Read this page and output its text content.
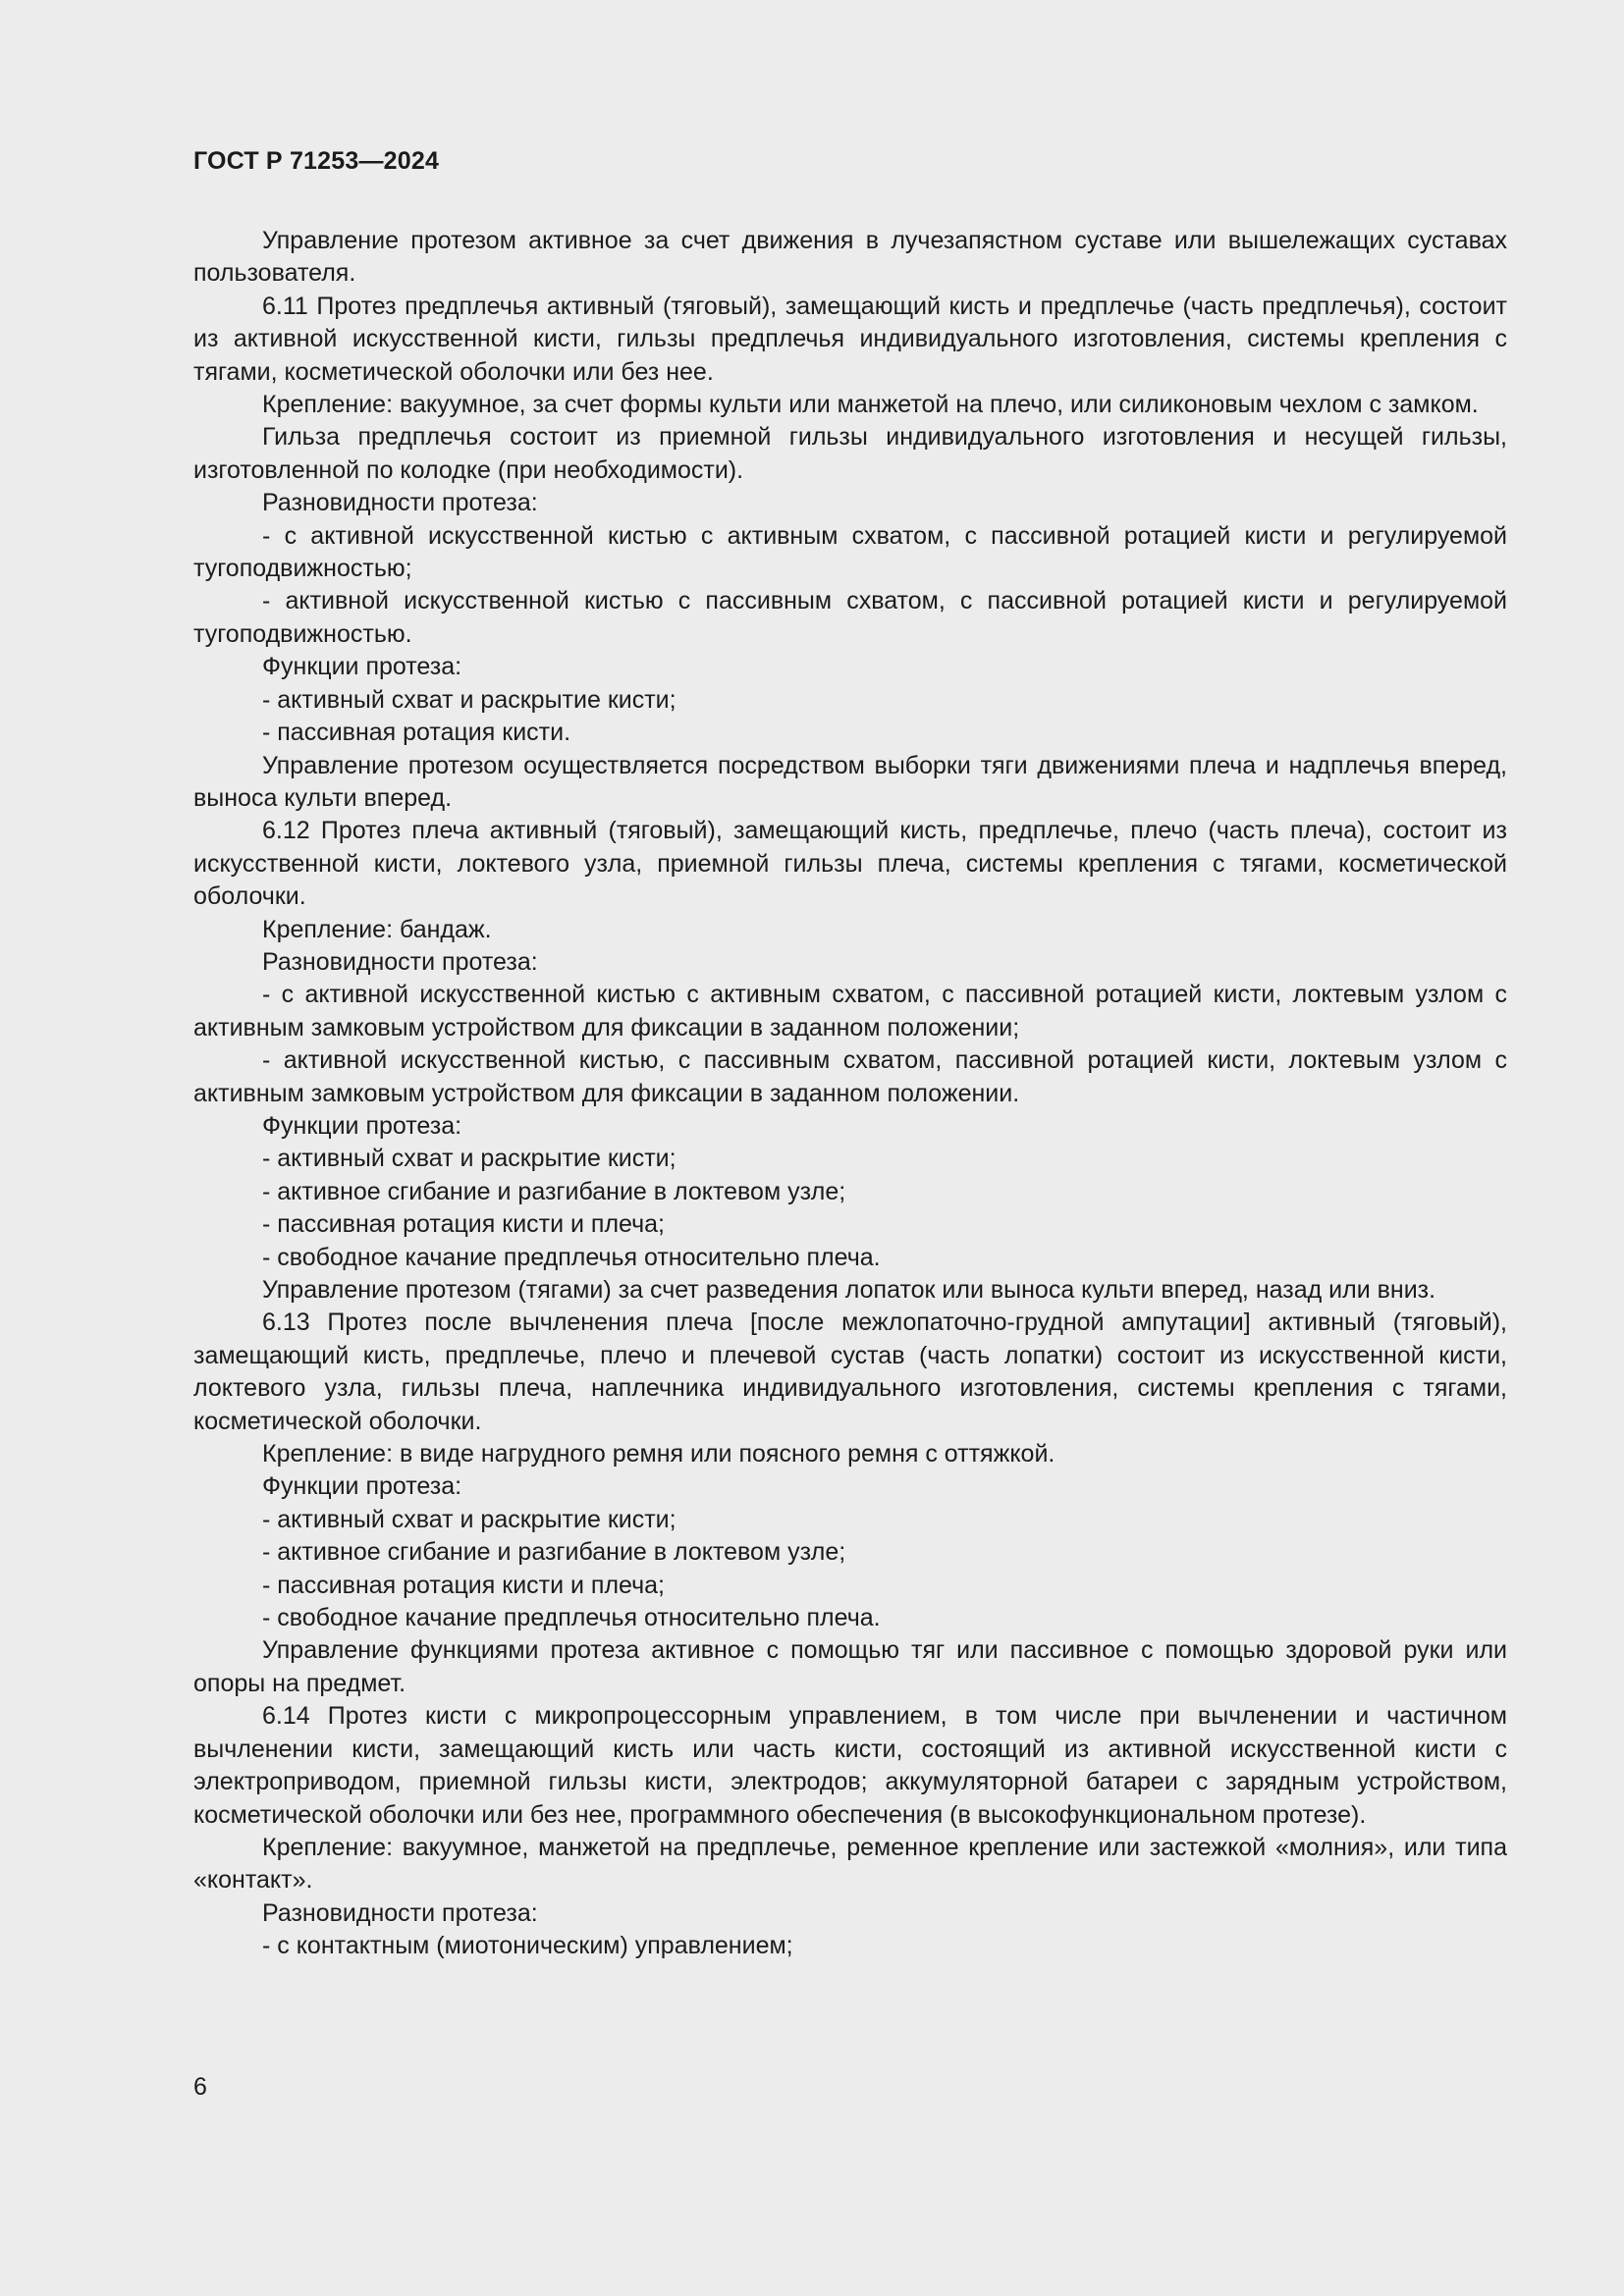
ГОСТ Р 71253—2024

Управление протезом активное за счет движения в лучезапястном суставе или вышележащих суставах пользователя.

6.11 Протез предплечья активный (тяговый), замещающий кисть и предплечье (часть предплечья), состоит из активной искусственной кисти, гильзы предплечья индивидуального изготовления, системы крепления с тягами, косметической оболочки или без нее.

Крепление: вакуумное, за счет формы культи или манжетой на плечо, или силиконовым чехлом с замком.

Гильза предплечья состоит из приемной гильзы индивидуального изготовления и несущей гильзы, изготовленной по колодке (при необходимости).

Разновидности протеза:

- с активной искусственной кистью с активным схватом, с пассивной ротацией кисти и регулируемой тугоподвижностью;

- активной искусственной кистью с пассивным схватом, с пассивной ротацией кисти и регулируемой тугоподвижностью.

Функции протеза:

- активный схват и раскрытие кисти;

- пассивная ротация кисти.

Управление протезом осуществляется посредством выборки тяги движениями плеча и надплечья вперед, выноса культи вперед.

6.12 Протез плеча активный (тяговый), замещающий кисть, предплечье, плечо (часть плеча), состоит из искусственной кисти, локтевого узла, приемной гильзы плеча, системы крепления с тягами, косметической оболочки.

Крепление: бандаж.

Разновидности протеза:

- с активной искусственной кистью с активным схватом, с пассивной ротацией кисти, локтевым узлом с активным замковым устройством для фиксации в заданном положении;

- активной искусственной кистью, с пассивным схватом, пассивной ротацией кисти, локтевым узлом с активным замковым устройством для фиксации в заданном положении.

Функции протеза:

- активный схват и раскрытие кисти;

- активное сгибание и разгибание в локтевом узле;

- пассивная ротация кисти и плеча;

- свободное качание предплечья относительно плеча.

Управление протезом (тягами) за счет разведения лопаток или выноса культи вперед, назад или вниз.

6.13 Протез после вычленения плеча [после межлопаточно-грудной ампутации] активный (тяговый), замещающий кисть, предплечье, плечо и плечевой сустав (часть лопатки) состоит из искусственной кисти, локтевого узла, гильзы плеча, наплечника индивидуального изготовления, системы крепления с тягами, косметической оболочки.

Крепление: в виде нагрудного ремня или поясного ремня с оттяжкой.

Функции протеза:

- активный схват и раскрытие кисти;

- активное сгибание и разгибание в локтевом узле;

- пассивная ротация кисти и плеча;

- свободное качание предплечья относительно плеча.

Управление функциями протеза активное с помощью тяг или пассивное с помощью здоровой руки или опоры на предмет.

6.14 Протез кисти с микропроцессорным управлением, в том числе при вычленении и частичном вычленении кисти, замещающий кисть или часть кисти, состоящий из активной искусственной кисти с электроприводом, приемной гильзы кисти, электродов; аккумуляторной батареи с зарядным устройством, косметической оболочки или без нее, программного обеспечения (в высокофункциональном протезе).

Крепление: вакуумное, манжетой на предплечье, ременное крепление или застежкой «молния», или типа «контакт».

Разновидности протеза:

- с контактным (миотоническим) управлением;

6
